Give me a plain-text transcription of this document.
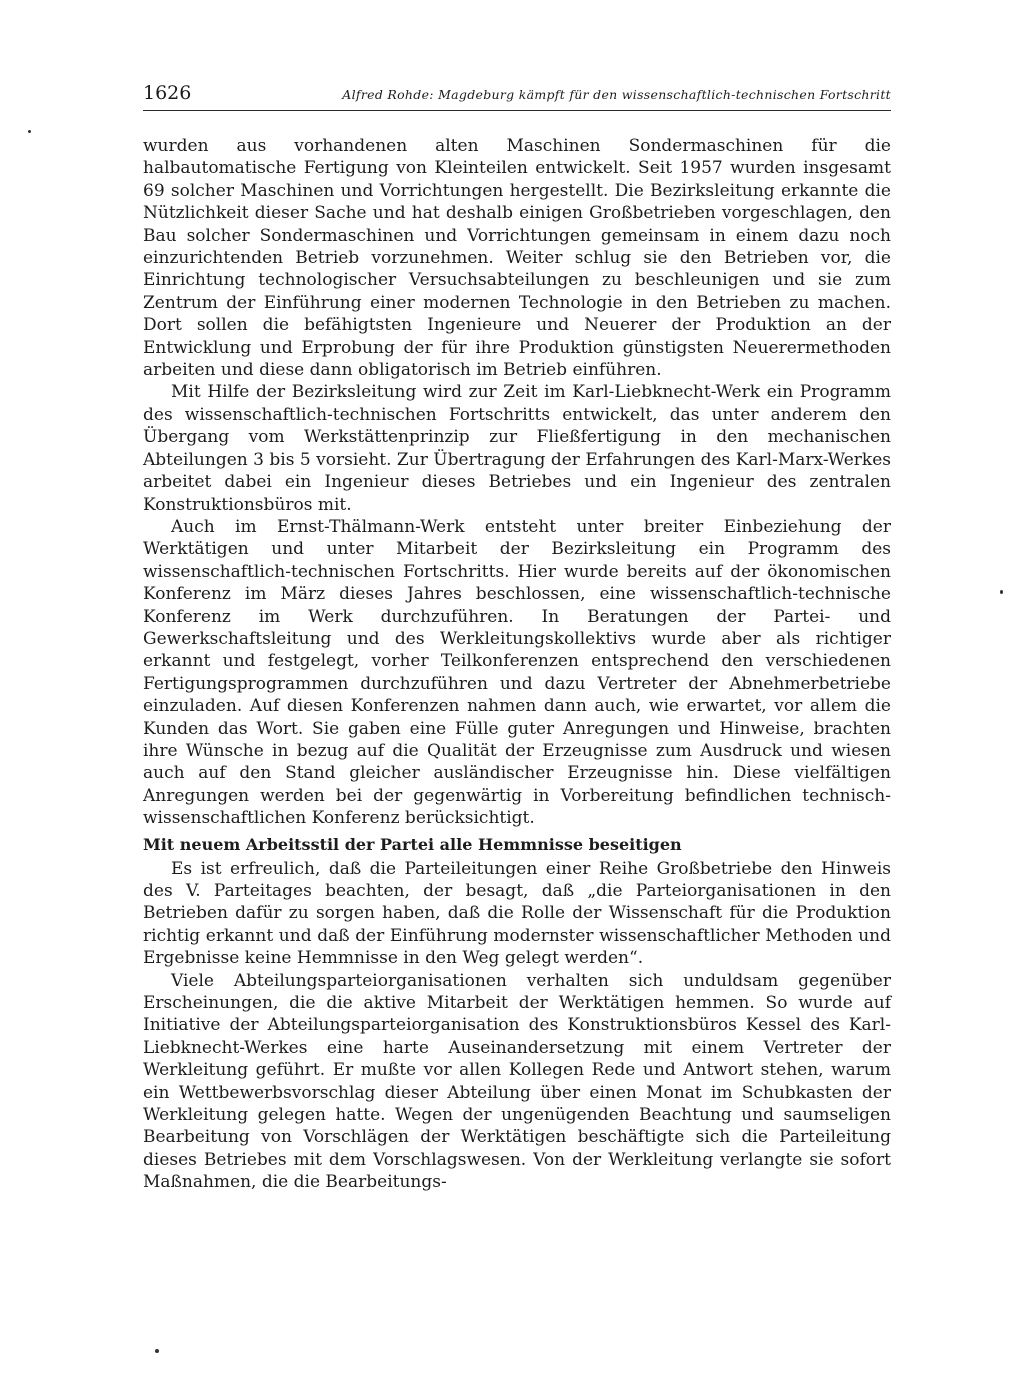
1626	Alfred Rohde: Magdeburg kämpft für den wissenschaftlich-technischen Fortschritt

wurden aus vorhandenen alten Maschinen Sondermaschinen für die halbautomatische Fertigung von Kleinteilen entwickelt. Seit 1957 wurden insgesamt 69 solcher Maschinen und Vorrichtungen hergestellt. Die Bezirksleitung erkannte die Nützlichkeit dieser Sache und hat deshalb einigen Großbetrieben vorgeschlagen, den Bau solcher Sondermaschinen und Vorrichtungen gemeinsam in einem dazu noch einzurichtenden Betrieb vorzunehmen. Weiter schlug sie den Betrieben vor, die Einrichtung technologischer Versuchsabteilungen zu beschleunigen und sie zum Zentrum der Einführung einer modernen Technologie in den Betrieben zu machen. Dort sollen die befähigtsten Ingenieure und Neuerer der Produktion an der Entwicklung und Erprobung der für ihre Produktion günstigsten Neuerermethoden arbeiten und diese dann obligatorisch im Betrieb einführen.

Mit Hilfe der Bezirksleitung wird zur Zeit im Karl-Liebknecht-Werk ein Programm des wissenschaftlich-technischen Fortschritts entwickelt, das unter anderem den Übergang vom Werkstättenprinzip zur Fließfertigung in den mechanischen Abteilungen 3 bis 5 vorsieht. Zur Übertragung der Erfahrungen des Karl-Marx-Werkes arbeitet dabei ein Ingenieur dieses Betriebes und ein Ingenieur des zentralen Konstruktionsbüros mit.

Auch im Ernst-Thälmann-Werk entsteht unter breiter Einbeziehung der Werktätigen und unter Mitarbeit der Bezirksleitung ein Programm des wissenschaftlich-technischen Fortschritts. Hier wurde bereits auf der ökonomischen Konferenz im März dieses Jahres beschlossen, eine wissenschaftlich-technische Konferenz im Werk durchzuführen. In Beratungen der Partei- und Gewerkschaftsleitung und des Werkleitungskollektivs wurde aber als richtiger erkannt und festgelegt, vorher Teilkonferenzen entsprechend den verschiedenen Fertigungsprogrammen durchzuführen und dazu Vertreter der Abnehmerbetriebe einzuladen. Auf diesen Konferenzen nahmen dann auch, wie erwartet, vor allem die Kunden das Wort. Sie gaben eine Fülle guter Anregungen und Hinweise, brachten ihre Wünsche in bezug auf die Qualität der Erzeugnisse zum Ausdruck und wiesen auch auf den Stand gleicher ausländischer Erzeugnisse hin. Diese vielfältigen Anregungen werden bei der gegenwärtig in Vorbereitung befindlichen technisch-wissenschaftlichen Konferenz berücksichtigt.

Mit neuem Arbeitsstil der Partei alle Hemmnisse beseitigen

Es ist erfreulich, daß die Parteileitungen einer Reihe Großbetriebe den Hinweis des V. Parteitages beachten, der besagt, daß „die Parteiorganisationen in den Betrieben dafür zu sorgen haben, daß die Rolle der Wissenschaft für die Produktion richtig erkannt und daß der Einführung modernster wissenschaftlicher Methoden und Ergebnisse keine Hemmnisse in den Weg gelegt werden“.

Viele Abteilungsparteiorganisationen verhalten sich unduldsam gegenüber Erscheinungen, die die aktive Mitarbeit der Werktätigen hemmen. So wurde auf Initiative der Abteilungsparteiorganisation des Konstruktionsbüros Kessel des Karl-Liebknecht-Werkes eine harte Auseinandersetzung mit einem Vertreter der Werkleitung geführt. Er mußte vor allen Kollegen Rede und Antwort stehen, warum ein Wettbewerbsvorschlag dieser Abteilung über einen Monat im Schubkasten der Werkleitung gelegen hatte. Wegen der ungenügenden Beachtung und saumseligen Bearbeitung von Vorschlägen der Werktätigen beschäftigte sich die Parteileitung dieses Betriebes mit dem Vorschlagswesen. Von der Werkleitung verlangte sie sofort Maßnahmen, die die Bearbeitungs-
